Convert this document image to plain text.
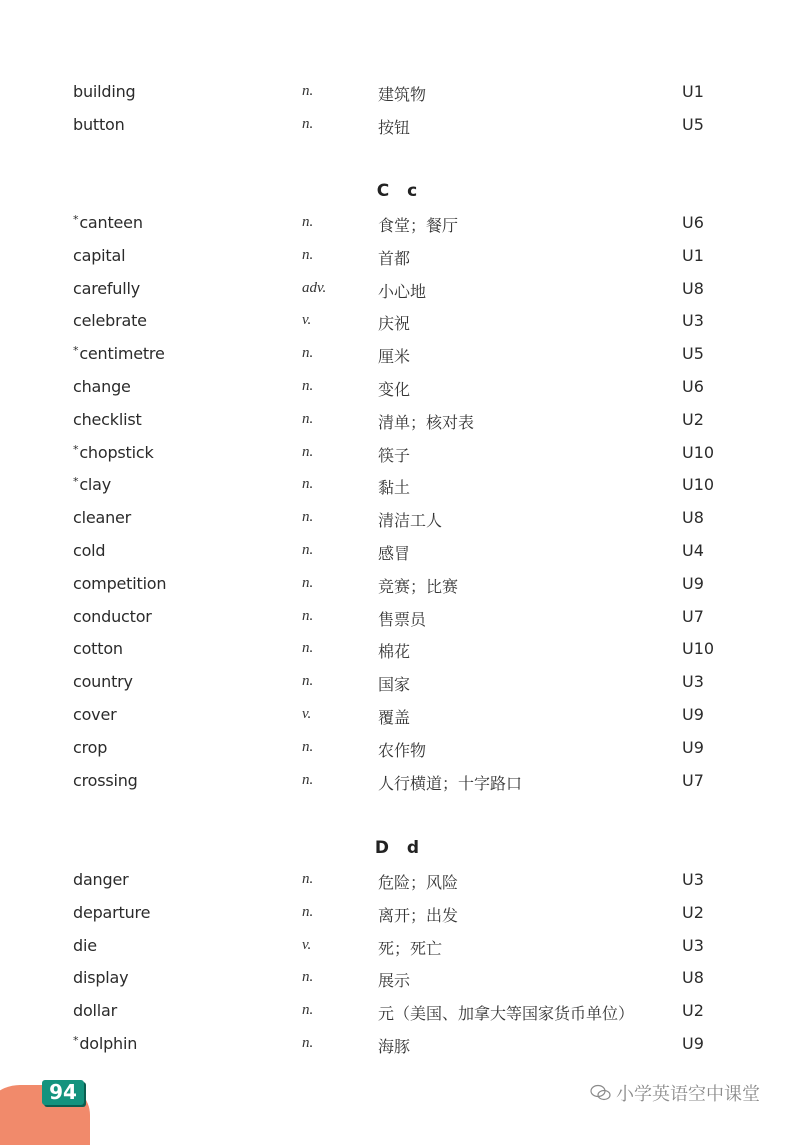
building	n.	建筑物	U1
button	n.	按钮	U5
C c
*canteen	n.	食堂；餐厅	U6
capital	n.	首都	U1
carefully	adv.	小心地	U8
celebrate	v.	庆祝	U3
*centimetre	n.	厘米	U5
change	n.	变化	U6
checklist	n.	清单；核对表	U2
*chopstick	n.	筷子	U10
*clay	n.	黏土	U10
cleaner	n.	清洁工人	U8
cold	n.	感冒	U4
competition	n.	竞赛；比赛	U9
conductor	n.	售票员	U7
cotton	n.	棉花	U10
country	n.	国家	U3
cover	v.	覆盖	U9
crop	n.	农作物	U9
crossing	n.	人行横道；十字路口	U7
D d
danger	n.	危险；风险	U3
departure	n.	离开；出发	U2
die	v.	死；死亡	U3
display	n.	展示	U8
dollar	n.	元（美国、加拿大等国家货币单位）	U2
*dolphin	n.	海豚	U9
94	小学英语空中课堂
